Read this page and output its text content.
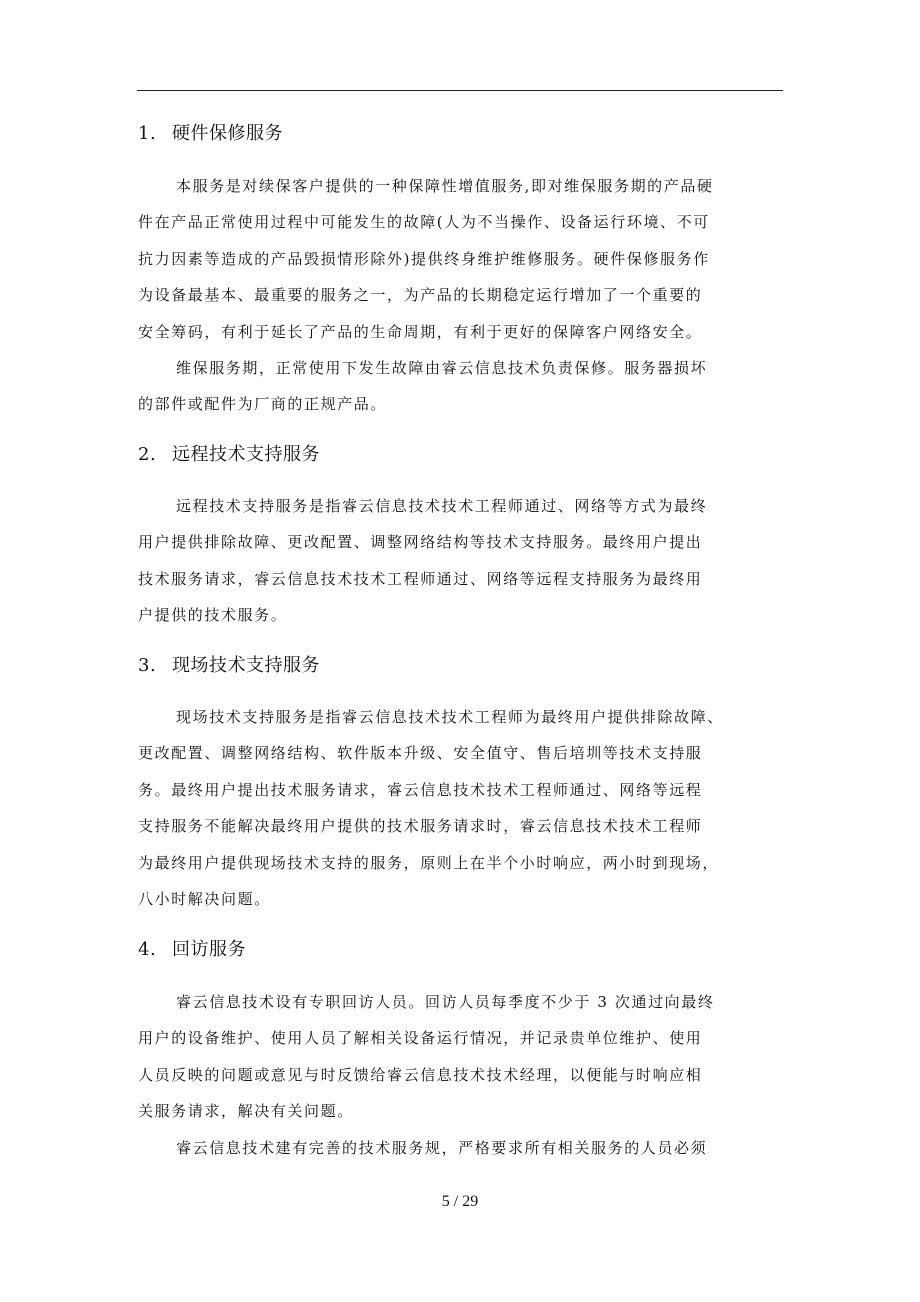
1. 硬件保修服务
本服务是对续保客户提供的一种保障性增值服务,即对维保服务期的产品硬
件在产品正常使用过程中可能发生的故障(人为不当操作、设备运行环境、不可
抗力因素等造成的产品毁损情形除外)提供终身维护维修服务。硬件保修服务作
为设备最基本、最重要的服务之一，为产品的长期稳定运行增加了一个重要的
安全筹码，有利于延长了产品的生命周期，有利于更好的保障客户网络安全。
维保服务期，正常使用下发生故障由睿云信息技术负责保修。服务器损坏
的部件或配件为厂商的正规产品。
2. 远程技术支持服务
远程技术支持服务是指睿云信息技术技术工程师通过、网络等方式为最终
用户提供排除故障、更改配置、调整网络结构等技术支持服务。最终用户提出
技术服务请求，睿云信息技术技术工程师通过、网络等远程支持服务为最终用
户提供的技术服务。
3. 现场技术支持服务
现场技术支持服务是指睿云信息技术技术工程师为最终用户提供排除故障、
更改配置、调整网络结构、软件版本升级、安全值守、售后培圳等技术支持服
务。最终用户提出技术服务请求，睿云信息技术技术工程师通过、网络等远程
支持服务不能解决最终用户提供的技术服务请求时，睿云信息技术技术工程师
为最终用户提供现场技术支持的服务，原则上在半个小时响应，两小时到现场，
八小时解决问题。
4. 回访服务
睿云信息技术设有专职回访人员。回访人员每季度不少于 3 次通过向最终
用户的设备维护、使用人员了解相关设备运行情况，并记录贵单位维护、使用
人员反映的问题或意见与时反馈给睿云信息技术技术经理，以便能与时响应相
关服务请求，解决有关问题。
睿云信息技术建有完善的技术服务规，严格要求所有相关服务的人员必须
5 / 29
